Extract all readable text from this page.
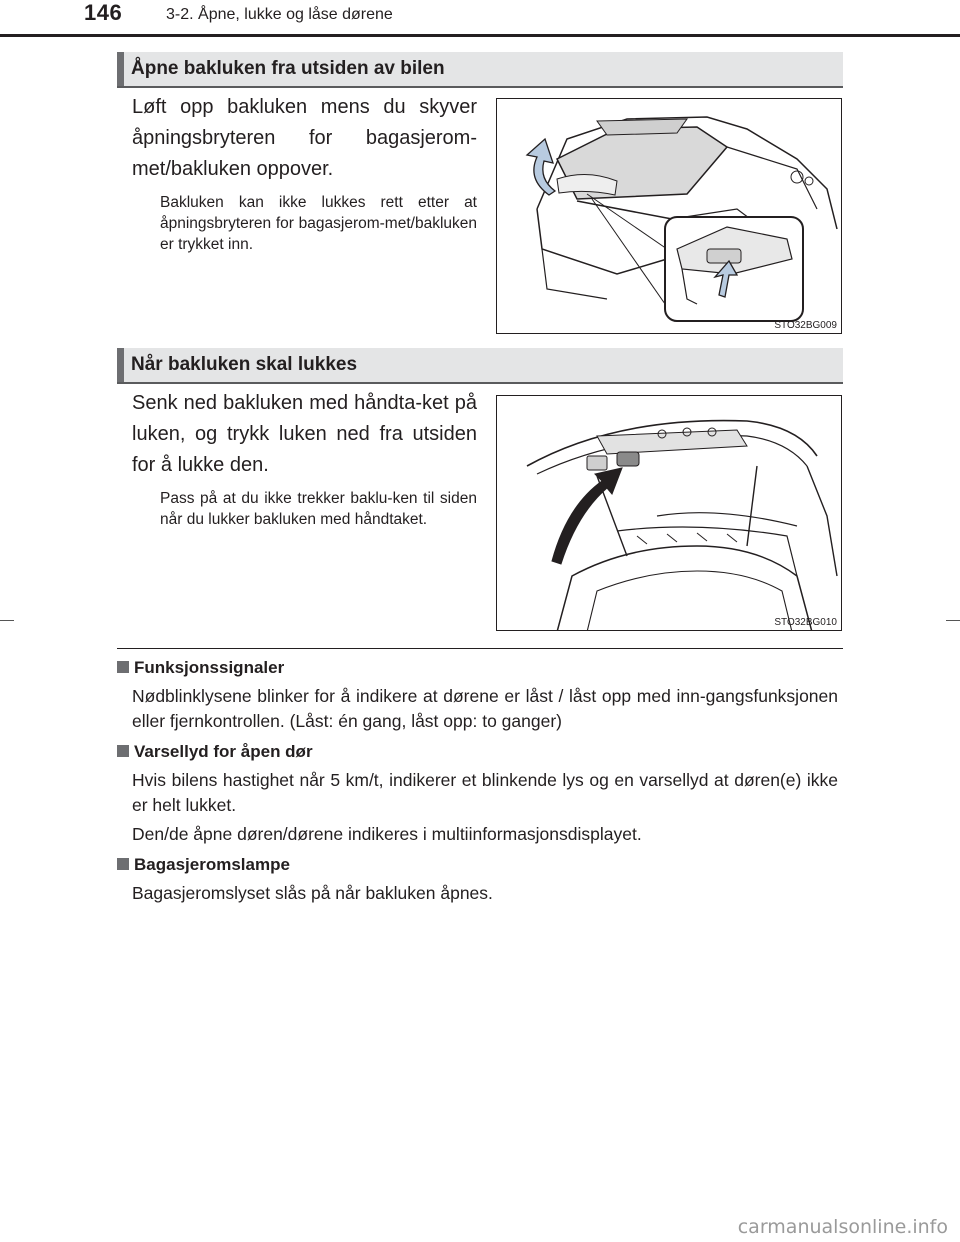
146	3-2. Åpne, lukke og låse dørene
Åpne bakluken fra utsiden av bilen
Løft opp bakluken mens du skyver åpningsbryteren for bagasjerom-met/bakluken oppover.
Bakluken kan ikke lukkes rett etter at åpningsbryteren for bagasjerom-met/bakluken er trykket inn.
STO32BG009
Når bakluken skal lukkes
Senk ned bakluken med håndta-ket på luken, og trykk luken ned fra utsiden for å lukke den.
Pass på at du ikke trekker baklu-ken til siden når du lukker bakluken med håndtaket.
STO32BG010
Funksjonssignaler
Nødblinklysene blinker for å indikere at dørene er låst / låst opp med inn-gangsfunksjonen eller fjernkontrollen. (Låst: én gang, låst opp: to ganger)
Varsellyd for åpen dør
Hvis bilens hastighet når 5 km/t, indikerer et blinkende lys og en varsellyd at døren(e) ikke er helt lukket.
Den/de åpne døren/dørene indikeres i multiinformasjonsdisplayet.
Bagasjeromslampe
Bagasjeromslyset slås på når bakluken åpnes.
carmanualsonline.info
